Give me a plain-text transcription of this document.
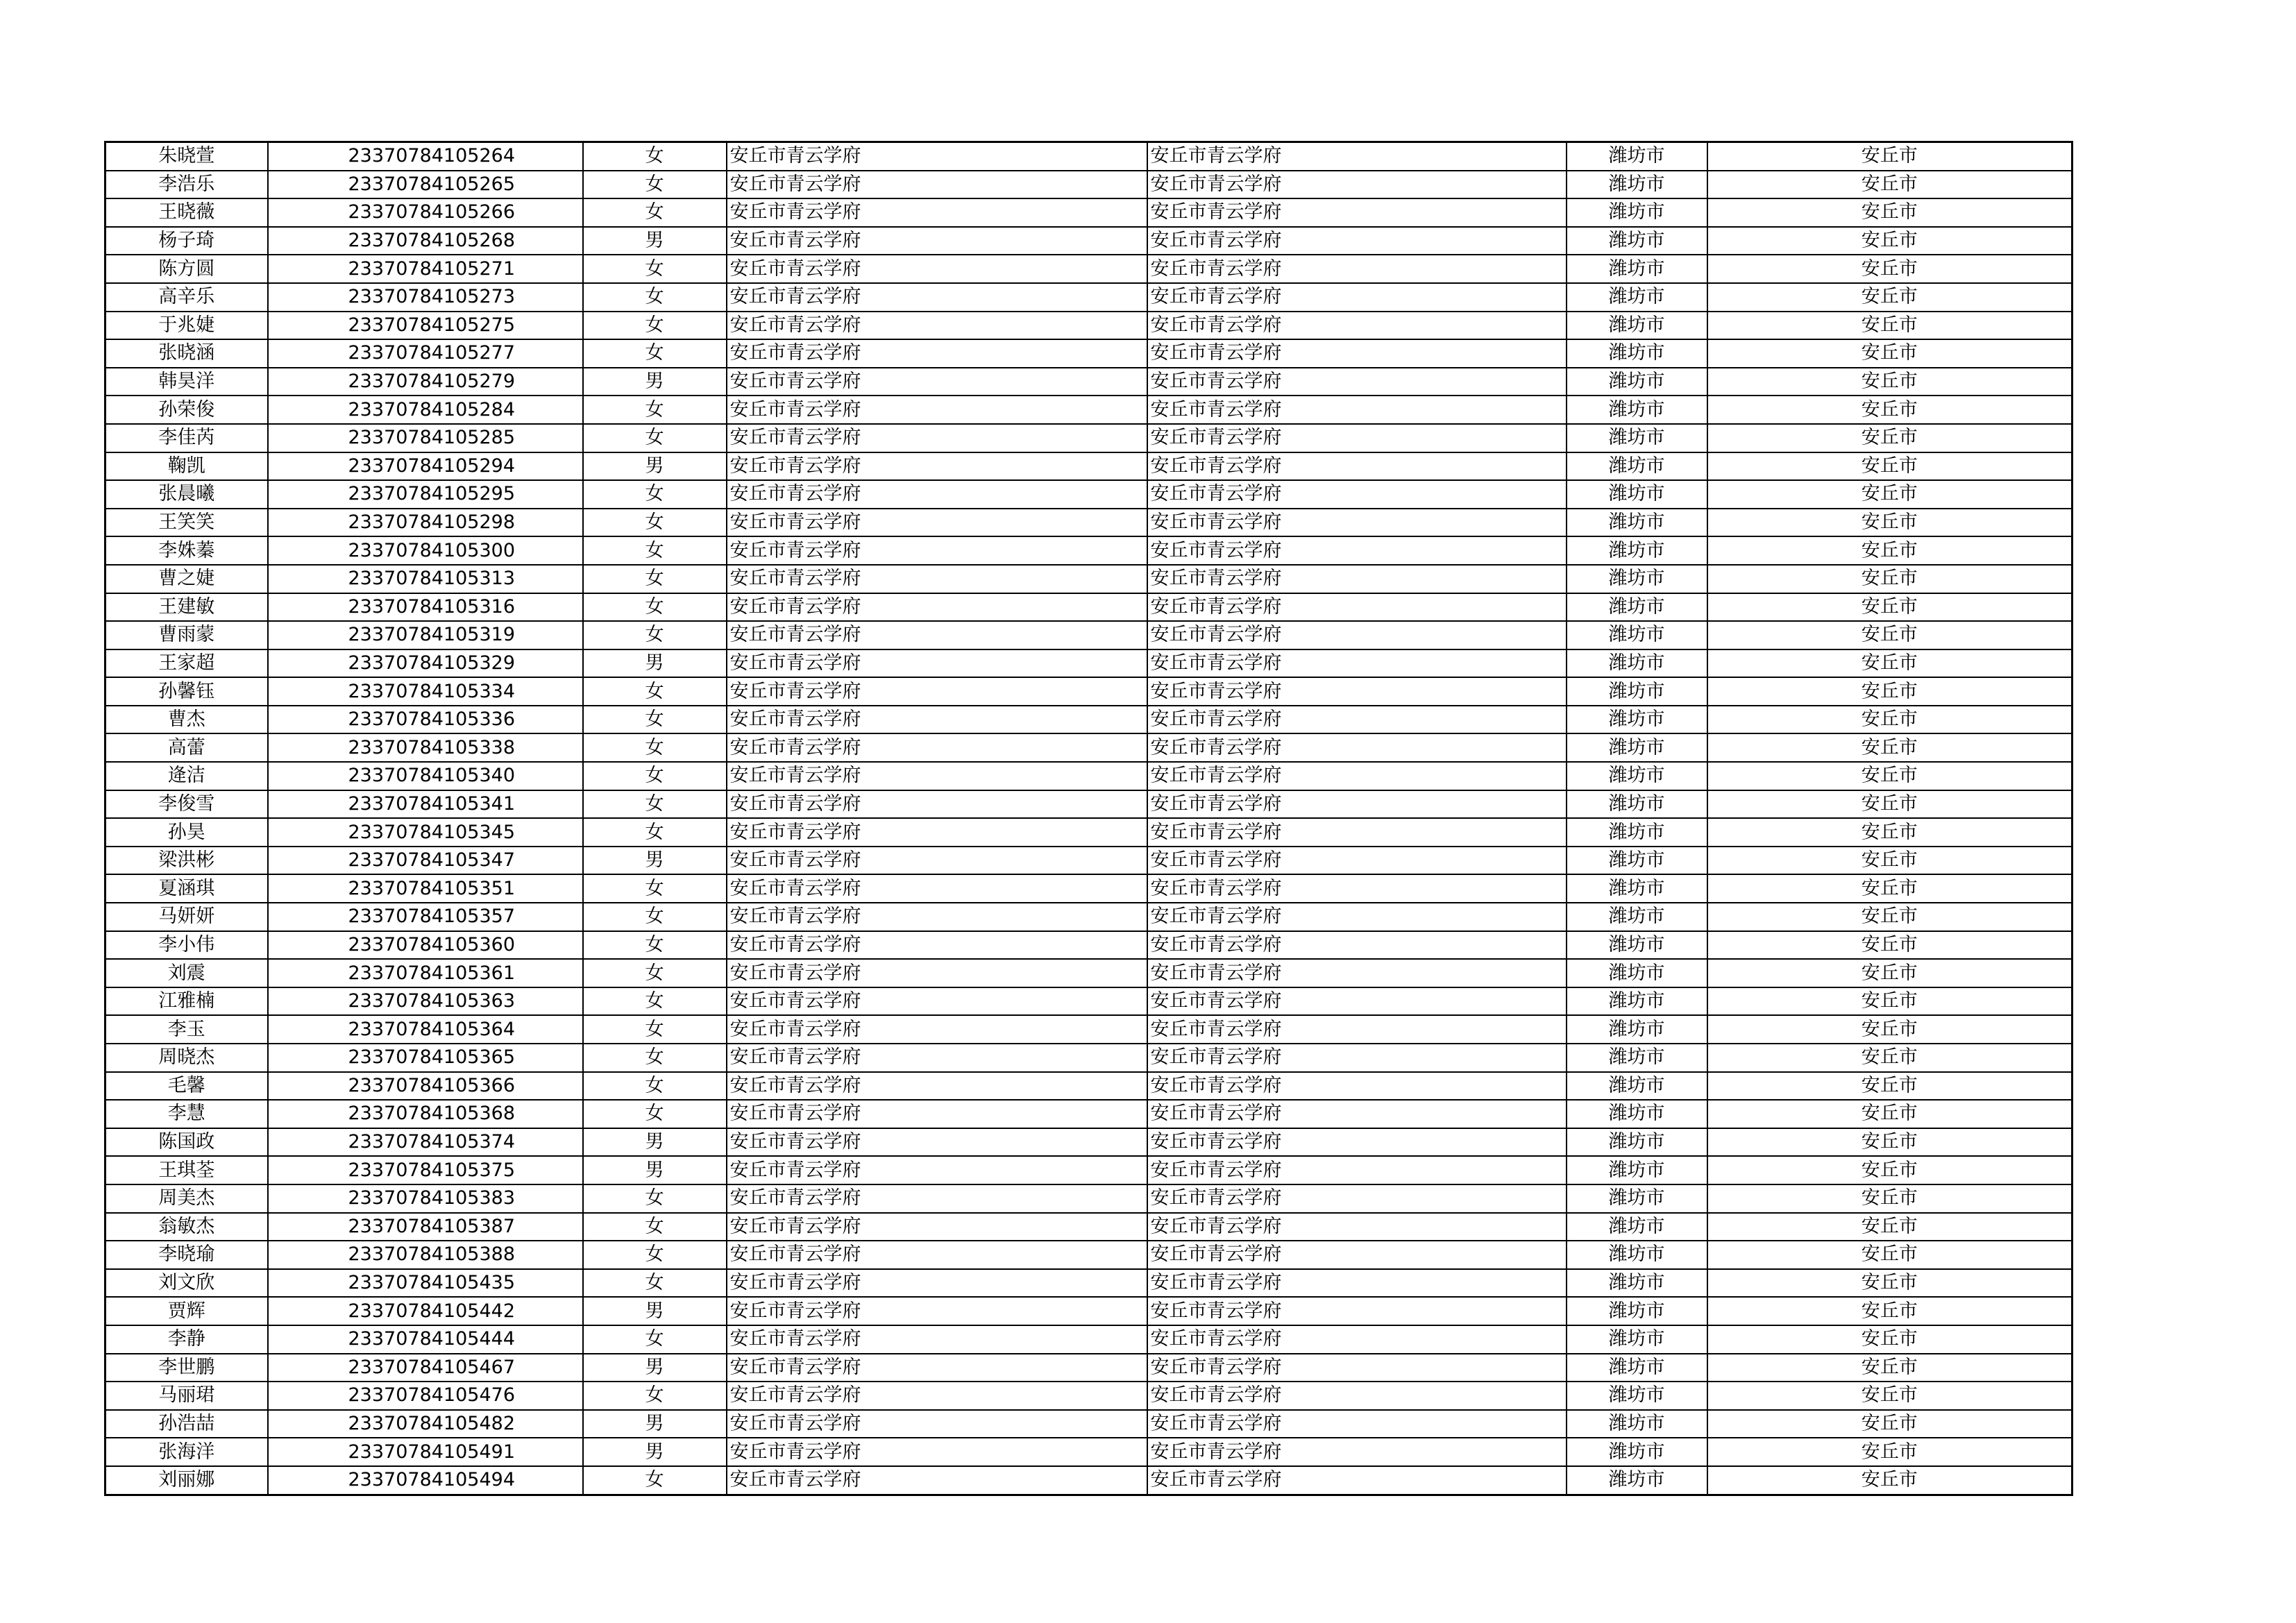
朱晓萱	23370784105264	女	安丘市青云学府	安丘市青云学府	潍坊市	安丘市
李浩乐	23370784105265	女	安丘市青云学府	安丘市青云学府	潍坊市	安丘市
王晓薇	23370784105266	女	安丘市青云学府	安丘市青云学府	潍坊市	安丘市
杨子琦	23370784105268	男	安丘市青云学府	安丘市青云学府	潍坊市	安丘市
陈方圆	23370784105271	女	安丘市青云学府	安丘市青云学府	潍坊市	安丘市
高辛乐	23370784105273	女	安丘市青云学府	安丘市青云学府	潍坊市	安丘市
于兆婕	23370784105275	女	安丘市青云学府	安丘市青云学府	潍坊市	安丘市
张晓涵	23370784105277	女	安丘市青云学府	安丘市青云学府	潍坊市	安丘市
韩昊洋	23370784105279	男	安丘市青云学府	安丘市青云学府	潍坊市	安丘市
孙荣俊	23370784105284	女	安丘市青云学府	安丘市青云学府	潍坊市	安丘市
李佳芮	23370784105285	女	安丘市青云学府	安丘市青云学府	潍坊市	安丘市
鞠凯	23370784105294	男	安丘市青云学府	安丘市青云学府	潍坊市	安丘市
张晨曦	23370784105295	女	安丘市青云学府	安丘市青云学府	潍坊市	安丘市
王笑笑	23370784105298	女	安丘市青云学府	安丘市青云学府	潍坊市	安丘市
李姝蓁	23370784105300	女	安丘市青云学府	安丘市青云学府	潍坊市	安丘市
曹之婕	23370784105313	女	安丘市青云学府	安丘市青云学府	潍坊市	安丘市
王建敏	23370784105316	女	安丘市青云学府	安丘市青云学府	潍坊市	安丘市
曹雨蒙	23370784105319	女	安丘市青云学府	安丘市青云学府	潍坊市	安丘市
王家超	23370784105329	男	安丘市青云学府	安丘市青云学府	潍坊市	安丘市
孙馨钰	23370784105334	女	安丘市青云学府	安丘市青云学府	潍坊市	安丘市
曹杰	23370784105336	女	安丘市青云学府	安丘市青云学府	潍坊市	安丘市
高蕾	23370784105338	女	安丘市青云学府	安丘市青云学府	潍坊市	安丘市
逄洁	23370784105340	女	安丘市青云学府	安丘市青云学府	潍坊市	安丘市
李俊雪	23370784105341	女	安丘市青云学府	安丘市青云学府	潍坊市	安丘市
孙昊	23370784105345	女	安丘市青云学府	安丘市青云学府	潍坊市	安丘市
梁洪彬	23370784105347	男	安丘市青云学府	安丘市青云学府	潍坊市	安丘市
夏涵琪	23370784105351	女	安丘市青云学府	安丘市青云学府	潍坊市	安丘市
马妍妍	23370784105357	女	安丘市青云学府	安丘市青云学府	潍坊市	安丘市
李小伟	23370784105360	女	安丘市青云学府	安丘市青云学府	潍坊市	安丘市
刘震	23370784105361	女	安丘市青云学府	安丘市青云学府	潍坊市	安丘市
江雅楠	23370784105363	女	安丘市青云学府	安丘市青云学府	潍坊市	安丘市
李玉	23370784105364	女	安丘市青云学府	安丘市青云学府	潍坊市	安丘市
周晓杰	23370784105365	女	安丘市青云学府	安丘市青云学府	潍坊市	安丘市
毛馨	23370784105366	女	安丘市青云学府	安丘市青云学府	潍坊市	安丘市
李慧	23370784105368	女	安丘市青云学府	安丘市青云学府	潍坊市	安丘市
陈国政	23370784105374	男	安丘市青云学府	安丘市青云学府	潍坊市	安丘市
王琪荃	23370784105375	男	安丘市青云学府	安丘市青云学府	潍坊市	安丘市
周美杰	23370784105383	女	安丘市青云学府	安丘市青云学府	潍坊市	安丘市
翁敏杰	23370784105387	女	安丘市青云学府	安丘市青云学府	潍坊市	安丘市
李晓瑜	23370784105388	女	安丘市青云学府	安丘市青云学府	潍坊市	安丘市
刘文欣	23370784105435	女	安丘市青云学府	安丘市青云学府	潍坊市	安丘市
贾辉	23370784105442	男	安丘市青云学府	安丘市青云学府	潍坊市	安丘市
李静	23370784105444	女	安丘市青云学府	安丘市青云学府	潍坊市	安丘市
李世鹏	23370784105467	男	安丘市青云学府	安丘市青云学府	潍坊市	安丘市
马丽珺	23370784105476	女	安丘市青云学府	安丘市青云学府	潍坊市	安丘市
孙浩喆	23370784105482	男	安丘市青云学府	安丘市青云学府	潍坊市	安丘市
张海洋	23370784105491	男	安丘市青云学府	安丘市青云学府	潍坊市	安丘市
刘丽娜	23370784105494	女	安丘市青云学府	安丘市青云学府	潍坊市	安丘市
